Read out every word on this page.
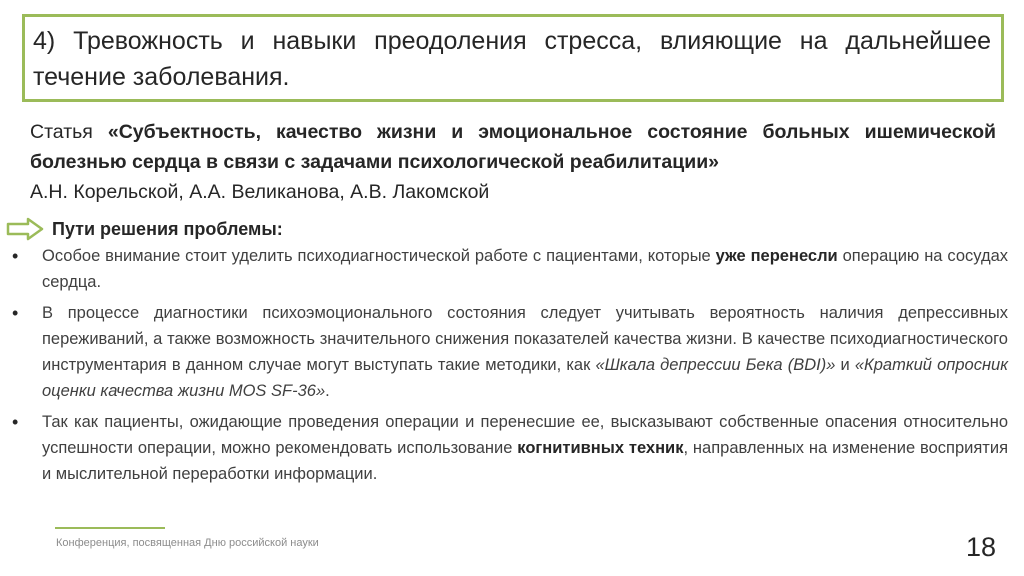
4) Тревожность и навыки преодоления стресса, влияющие на дальнейшее течение заболевания.
Статья «Субъектность, качество жизни и эмоциональное состояние больных ишемической болезнью сердца в связи с задачами психологической реабилитации»
А.Н. Корельской, А.А. Великанова, А.В. Лакомской
Пути решения проблемы:
• Особое внимание стоит уделить психодиагностической работе с пациентами, которые уже перенесли операцию на сосудах сердца.
• В процессе диагностики психоэмоционального состояния следует учитывать вероятность наличия депрессивных переживаний, а также возможность значительного снижения показателей качества жизни. В качестве психодиагностического инструментария в данном случае могут выступать такие методики, как «Шкала депрессии Бека (BDI)» и «Краткий опросник оценки качества жизни MOS SF-36».
• Так как пациенты, ожидающие проведения операции и перенесшие ее, высказывают собственные опасения относительно успешности операции, можно рекомендовать использование когнитивных техник, направленных на изменение восприятия и мыслительной переработки информации.
Конференция, посвященная Дню российской науки	18
